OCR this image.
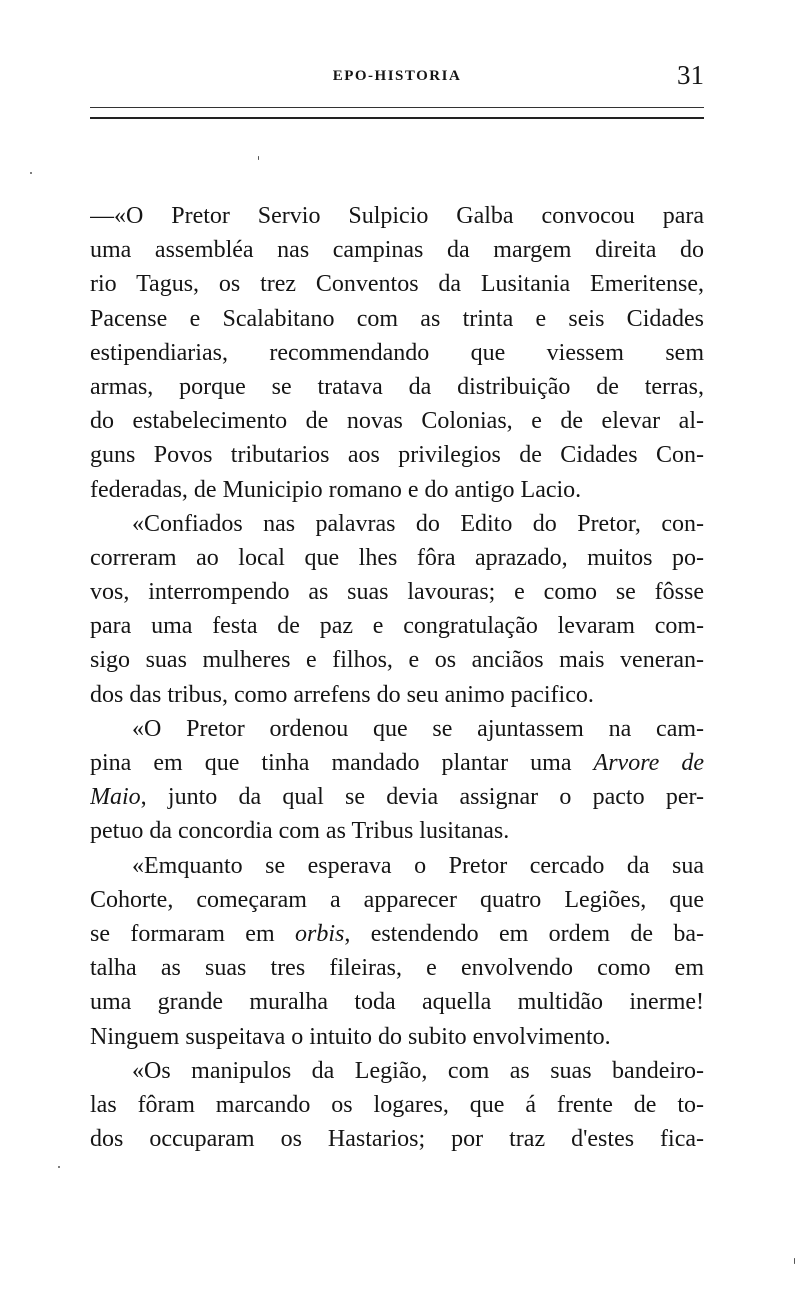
EPO-HISTORIA	31
—«O Pretor Servio Sulpicio Galba convocou para
uma assembléa nas campinas da margem direita do
rio Tagus, os trez Conventos da Lusitania Emeritense,
Pacense e Scalabitano com as trinta e seis Cidades
estipendiarias, recommendando que viessem sem
armas, porque se tratava da distribuição de terras,
do estabelecimento de novas Colonias, e de elevar al-
guns Povos tributarios aos privilegios de Cidades Con-
federadas, de Municipio romano e do antigo Lacio.
«Confiados nas palavras do Edito do Pretor, con-
correram ao local que lhes fôra aprazado, muitos po-
vos, interrompendo as suas lavouras; e como se fôsse
para uma festa de paz e congratulação levaram com-
sigo suas mulheres e filhos, e os anciãos mais veneran-
dos das tribus, como arrefens do seu animo pacifico.
«O Pretor ordenou que se ajuntassem na cam-
pina em que tinha mandado plantar uma Arvore de
Maio, junto da qual se devia assignar o pacto per-
petuo da concordia com as Tribus lusitanas.
«Emquanto se esperava o Pretor cercado da sua
Cohorte, começaram a apparecer quatro Legiões, que
se formaram em orbis, estendendo em ordem de ba-
talha as suas tres fileiras, e envolvendo como em
uma grande muralha toda aquella multidão inerme!
Ninguem suspeitava o intuito do subito envolvimento.
«Os manipulos da Legião, com as suas bandeiro-
las fôram marcando os logares, que á frente de to-
dos occuparam os Hastarios; por traz d'estes fica-
